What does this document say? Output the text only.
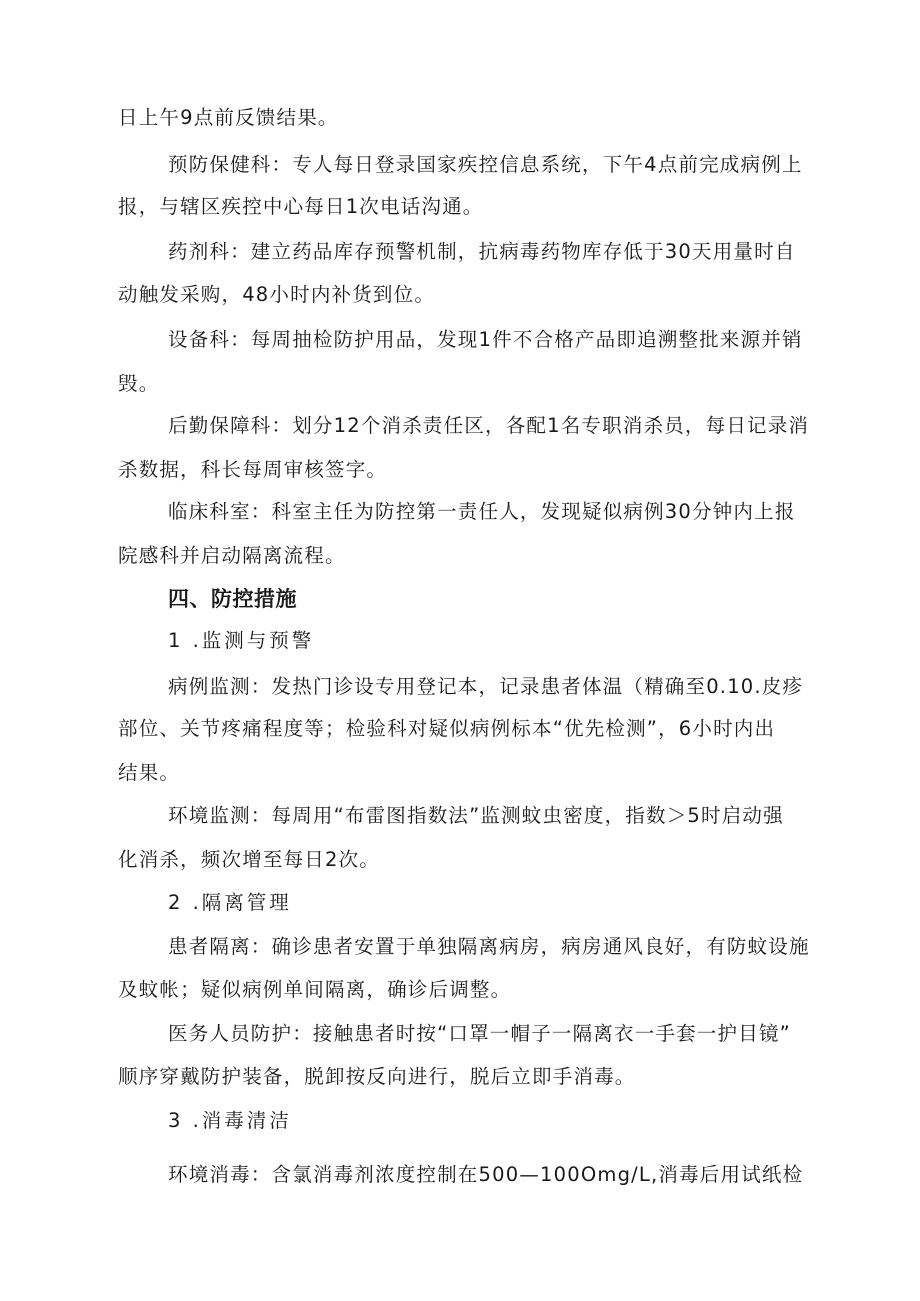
日上午9点前反馈结果。

预防保健科：专人每日登录国家疾控信息系统，下午4点前完成病例上

报，与辖区疾控中心每日1次电话沟通。

药剂科：建立药品库存预警机制，抗病毒药物库存低于30天用量时自

动触发采购，48小时内补货到位。

设备科：每周抽检防护用品，发现1件不合格产品即追溯整批来源并销

毁。

后勤保障科：划分12个消杀责任区，各配1名专职消杀员，每日记录消

杀数据，科长每周审核签字。

临床科室：科室主任为防控第一责任人，发现疑似病例30分钟内上报

院感科并启动隔离流程。

四、防控措施

1 .监测与预警

病例监测：发热门诊设专用登记本，记录患者体温（精确至0.10.皮疹

部位、关节疼痛程度等；检验科对疑似病例标本“优先检测”，6小时内出

结果。

环境监测：每周用“布雷图指数法”监测蚊虫密度，指数＞5时启动强

化消杀，频次增至每日2次。

2 .隔离管理

患者隔离：确诊患者安置于单独隔离病房，病房通风良好，有防蚊设施

及蚊帐；疑似病例单间隔离，确诊后调整。

医务人员防护：接触患者时按“口罩一帽子一隔离衣一手套一护目镜”

顺序穿戴防护装备，脱卸按反向进行，脱后立即手消毒。

3 .消毒清洁

环境消毒：含氯消毒剂浓度控制在500—100Omg/L,消毒后用试纸检
